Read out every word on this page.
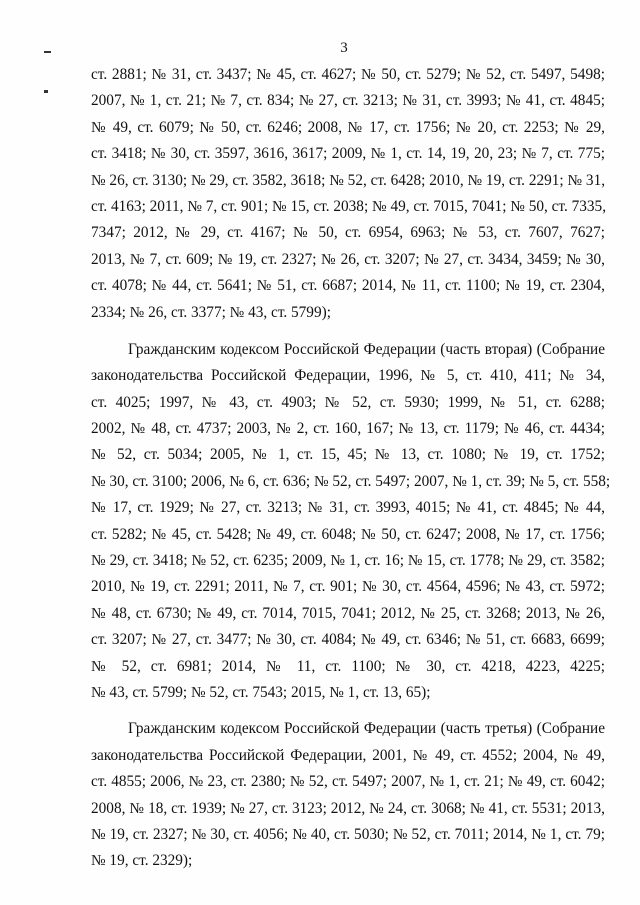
3
ст. 2881; № 31, ст. 3437; № 45, ст. 4627; № 50, ст. 5279; № 52, ст. 5497, 5498;
2007, № 1, ст. 21; № 7, ст. 834; № 27, ст. 3213; № 31, ст. 3993; № 41, ст. 4845;
№ 49, ст. 6079; № 50, ст. 6246; 2008, № 17, ст. 1756; № 20, ст. 2253; № 29,
ст. 3418; № 30, ст. 3597, 3616, 3617; 2009, № 1, ст. 14, 19, 20, 23; № 7, ст. 775;
№ 26, ст. 3130; № 29, ст. 3582, 3618; № 52, ст. 6428; 2010, № 19, ст. 2291; № 31,
ст. 4163; 2011, № 7, ст. 901; № 15, ст. 2038; № 49, ст. 7015, 7041; № 50, ст. 7335,
7347; 2012, № 29, ст. 4167; № 50, ст. 6954, 6963; № 53, ст. 7607, 7627;
2013, № 7, ст. 609; № 19, ст. 2327; № 26, ст. 3207; № 27, ст. 3434, 3459; № 30,
ст. 4078; № 44, ст. 5641; № 51, ст. 6687; 2014, № 11, ст. 1100; № 19, ст. 2304,
2334; № 26, ст. 3377; № 43, ст. 5799);
Гражданским кодексом Российской Федерации (часть вторая) (Собрание
законодательства Российской Федерации, 1996, № 5, ст. 410, 411; № 34,
ст. 4025; 1997, № 43, ст. 4903; № 52, ст. 5930; 1999, № 51, ст. 6288;
2002, № 48, ст. 4737; 2003, № 2, ст. 160, 167; № 13, ст. 1179; № 46, ст. 4434;
№ 52, ст. 5034; 2005, № 1, ст. 15, 45; № 13, ст. 1080; № 19, ст. 1752;
№ 30, ст. 3100; 2006, № 6, ст. 636; № 52, ст. 5497; 2007, № 1, ст. 39; № 5, ст. 558;
№ 17, ст. 1929; № 27, ст. 3213; № 31, ст. 3993, 4015; № 41, ст. 4845; № 44,
ст. 5282; № 45, ст. 5428; № 49, ст. 6048; № 50, ст. 6247; 2008, № 17, ст. 1756;
№ 29, ст. 3418; № 52, ст. 6235; 2009, № 1, ст. 16; № 15, ст. 1778; № 29, ст. 3582;
2010, № 19, ст. 2291; 2011, № 7, ст. 901; № 30, ст. 4564, 4596; № 43, ст. 5972;
№ 48, ст. 6730; № 49, ст. 7014, 7015, 7041; 2012, № 25, ст. 3268; 2013, № 26,
ст. 3207; № 27, ст. 3477; № 30, ст. 4084; № 49, ст. 6346; № 51, ст. 6683, 6699;
№ 52, ст. 6981; 2014, № 11, ст. 1100; № 30, ст. 4218, 4223, 4225;
№ 43, ст. 5799; № 52, ст. 7543; 2015, № 1, ст. 13, 65);
Гражданским кодексом Российской Федерации (часть третья) (Собрание
законодательства Российской Федерации, 2001, № 49, ст. 4552; 2004, № 49,
ст. 4855; 2006, № 23, ст. 2380; № 52, ст. 5497; 2007, № 1, ст. 21; № 49, ст. 6042;
2008, № 18, ст. 1939; № 27, ст. 3123; 2012, № 24, ст. 3068; № 41, ст. 5531; 2013,
№ 19, ст. 2327; № 30, ст. 4056; № 40, ст. 5030; № 52, ст. 7011; 2014, № 1, ст. 79;
№ 19, ст. 2329);
